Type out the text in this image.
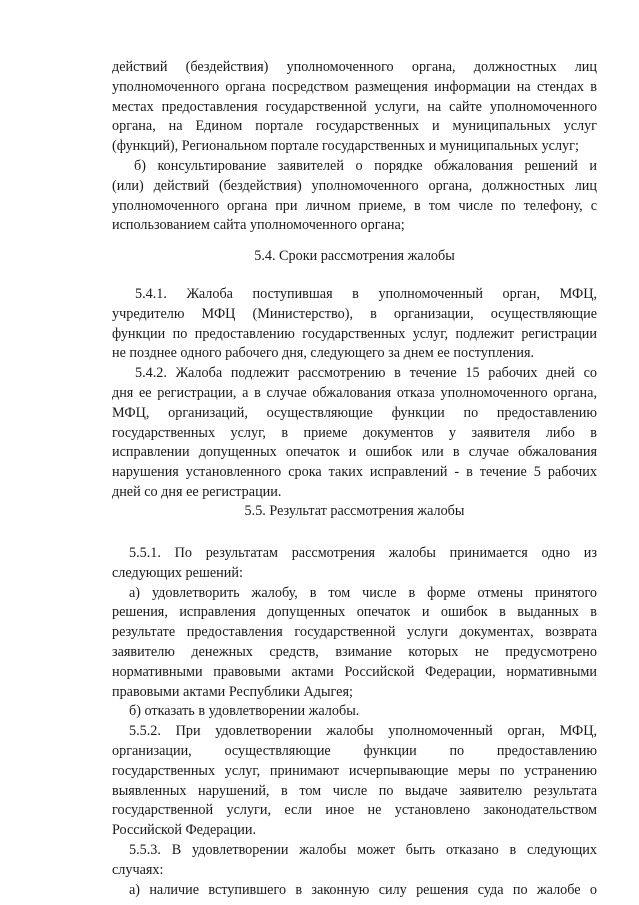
действий (бездействия) уполномоченного органа, должностных лиц
уполномоченного органа посредством размещения информации на стендах в
местах предоставления государственной услуги, на сайте уполномоченного
органа, на Едином портале государственных и муниципальных услуг
(функций), Региональном портале государственных и муниципальных услуг;
б) консультирование заявителей о порядке обжалования решений и
(или) действий (бездействия) уполномоченного органа, должностных лиц
уполномоченного органа при личном приеме, в том числе по телефону, с
использованием сайта уполномоченного органа;
5.4. Сроки рассмотрения жалобы
5.4.1. Жалоба поступившая в уполномоченный орган, МФЦ,
учредителю МФЦ (Министерство), в организации, осуществляющие
функции по предоставлению государственных услуг, подлежит регистрации
не позднее одного рабочего дня, следующего за днем ее поступления.
5.4.2. Жалоба подлежит рассмотрению в течение 15 рабочих дней со
дня ее регистрации, а в случае обжалования отказа уполномоченного органа,
МФЦ, организаций, осуществляющие функции по предоставлению
государственных услуг, в приеме документов у заявителя либо в
исправлении допущенных опечаток и ошибок или в случае обжалования
нарушения установленного срока таких исправлений - в течение 5 рабочих
дней со дня ее регистрации.
5.5. Результат рассмотрения жалобы
5.5.1. По результатам рассмотрения жалобы принимается одно из
следующих решений:
а) удовлетворить жалобу, в том числе в форме отмены принятого
решения, исправления допущенных опечаток и ошибок в выданных в
результате предоставления государственной услуги документах, возврата
заявителю денежных средств, взимание которых не предусмотрено
нормативными правовыми актами Российской Федерации, нормативными
правовыми актами Республики Адыгея;
б) отказать в удовлетворении жалобы.
5.5.2. При удовлетворении жалобы уполномоченный орган, МФЦ,
организации, осуществляющие функции по предоставлению
государственных услуг, принимают исчерпывающие меры по устранению
выявленных нарушений, в том числе по выдаче заявителю результата
государственной услуги, если иное не установлено законодательством
Российской Федерации.
5.5.3. В удовлетворении жалобы может быть отказано в следующих
случаях:
а) наличие вступившего в законную силу решения суда по жалобе о
